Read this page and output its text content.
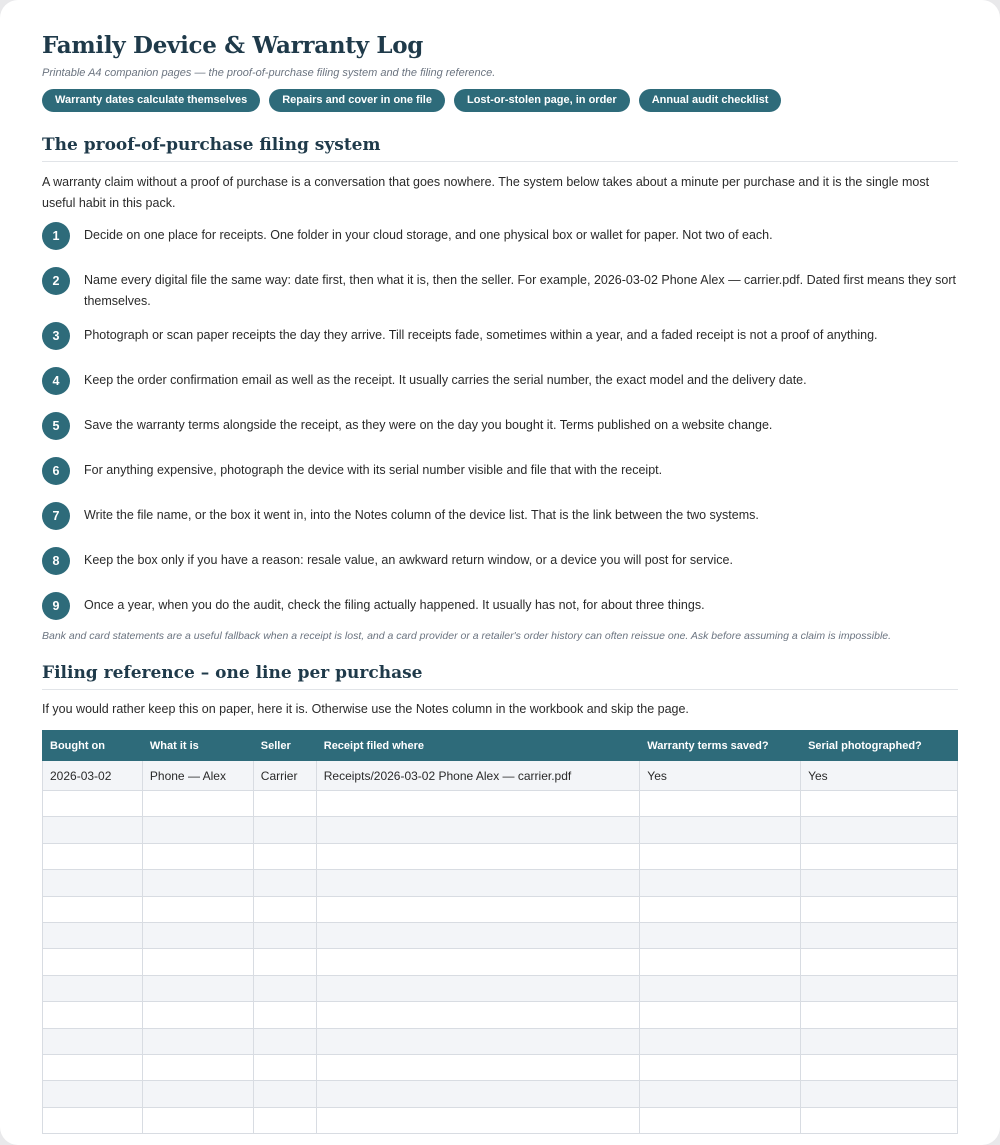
Family Device & Warranty Log
Printable A4 companion pages — the proof-of-purchase filing system and the filing reference.
Warranty dates calculate themselves	Repairs and cover in one file	Lost-or-stolen page, in order	Annual audit checklist
The proof-of-purchase filing system
A warranty claim without a proof of purchase is a conversation that goes nowhere. The system below takes about a minute per purchase and it is the single most useful habit in this pack.
1	Decide on one place for receipts. One folder in your cloud storage, and one physical box or wallet for paper. Not two of each.
2	Name every digital file the same way: date first, then what it is, then the seller. For example, 2026-03-02 Phone Alex — carrier.pdf. Dated first means they sort themselves.
3	Photograph or scan paper receipts the day they arrive. Till receipts fade, sometimes within a year, and a faded receipt is not a proof of anything.
4	Keep the order confirmation email as well as the receipt. It usually carries the serial number, the exact model and the delivery date.
5	Save the warranty terms alongside the receipt, as they were on the day you bought it. Terms published on a website change.
6	For anything expensive, photograph the device with its serial number visible and file that with the receipt.
7	Write the file name, or the box it went in, into the Notes column of the device list. That is the link between the two systems.
8	Keep the box only if you have a reason: resale value, an awkward return window, or a device you will post for service.
9	Once a year, when you do the audit, check the filing actually happened. It usually has not, for about three things.
Bank and card statements are a useful fallback when a receipt is lost, and a card provider or a retailer's order history can often reissue one. Ask before assuming a claim is impossible.
Filing reference – one line per purchase
If you would rather keep this on paper, here it is. Otherwise use the Notes column in the workbook and skip the page.
Bought on	What it is	Seller	Receipt filed where	Warranty terms saved?	Serial photographed?
2026-03-02	Phone — Alex	Carrier	Receipts/2026-03-02 Phone Alex — carrier.pdf	Yes	Yes
